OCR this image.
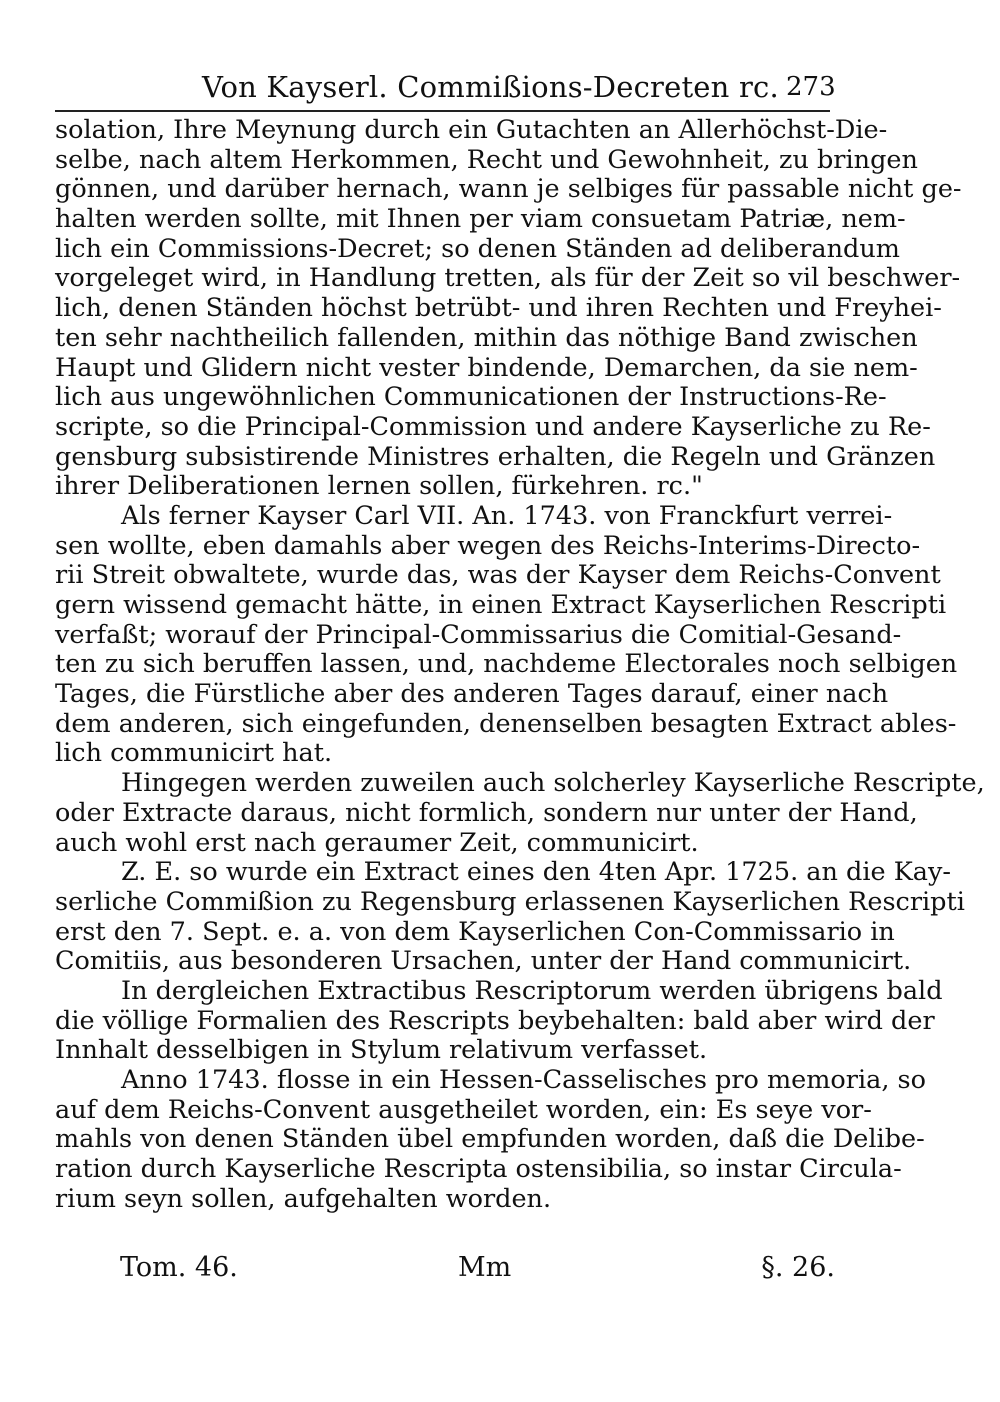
Von Kayserl. Commißions-Decreten rc. 273
solation, Ihre Meynung durch ein Gutachten an Allerhöchst-Die-
selbe, nach altem Herkommen, Recht und Gewohnheit, zu bringen
gönnen, und darüber hernach, wann je selbiges für passable nicht ge-
halten werden sollte, mit Ihnen per viam consuetam Patriæ, nem-
lich ein Commissions-Decret; so denen Ständen ad deliberandum
vorgeleget wird, in Handlung tretten, als für der Zeit so vil beschwer-
lich, denen Ständen höchst betrübt- und ihren Rechten und Freyhei-
ten sehr nachtheilich fallenden, mithin das nöthige Band zwischen
Haupt und Glidern nicht vester bindende, Demarchen, da sie nem-
lich aus ungewöhnlichen Communicationen der Instructions-Re-
scripte, so die Principal-Commission und andere Kayserliche zu Re-
gensburg subsistirende Ministres erhalten, die Regeln und Gränzen
ihrer Deliberationen lernen sollen, fürkehren. rc."
Als ferner Kayser Carl VII. An. 1743. von Franckfurt verrei-
sen wollte, eben damahls aber wegen des Reichs-Interims-Directo-
rii Streit obwaltete, wurde das, was der Kayser dem Reichs-Convent
gern wissend gemacht hätte, in einen Extract Kayserlichen Rescripti
verfaßt; worauf der Principal-Commissarius die Comitial-Gesand-
ten zu sich beruffen lassen, und, nachdeme Electorales noch selbigen
Tages, die Fürstliche aber des anderen Tages darauf, einer nach
dem anderen, sich eingefunden, denenselben besagten Extract ables-
lich communicirt hat.
Hingegen werden zuweilen auch solcherley Kayserliche Rescripte,
oder Extracte daraus, nicht formlich, sondern nur unter der Hand,
auch wohl erst nach geraumer Zeit, communicirt.
Z. E. so wurde ein Extract eines den 4ten Apr. 1725. an die Kay-
serliche Commißion zu Regensburg erlassenen Kayserlichen Rescripti
erst den 7. Sept. e. a. von dem Kayserlichen Con-Commissario in
Comitiis, aus besonderen Ursachen, unter der Hand communicirt.
In dergleichen Extractibus Rescriptorum werden übrigens bald
die völlige Formalien des Rescripts beybehalten: bald aber wird der
Innhalt desselbigen in Stylum relativum verfasset.
Anno 1743. flosse in ein Hessen-Casselisches pro memoria, so
auf dem Reichs-Convent ausgetheilet worden, ein: Es seye vor-
mahls von denen Ständen übel empfunden worden, daß die Delibe-
ration durch Kayserliche Rescripta ostensibilia, so instar Circula-
rium seyn sollen, aufgehalten worden.
Tom. 46.	Mm	§. 26.
